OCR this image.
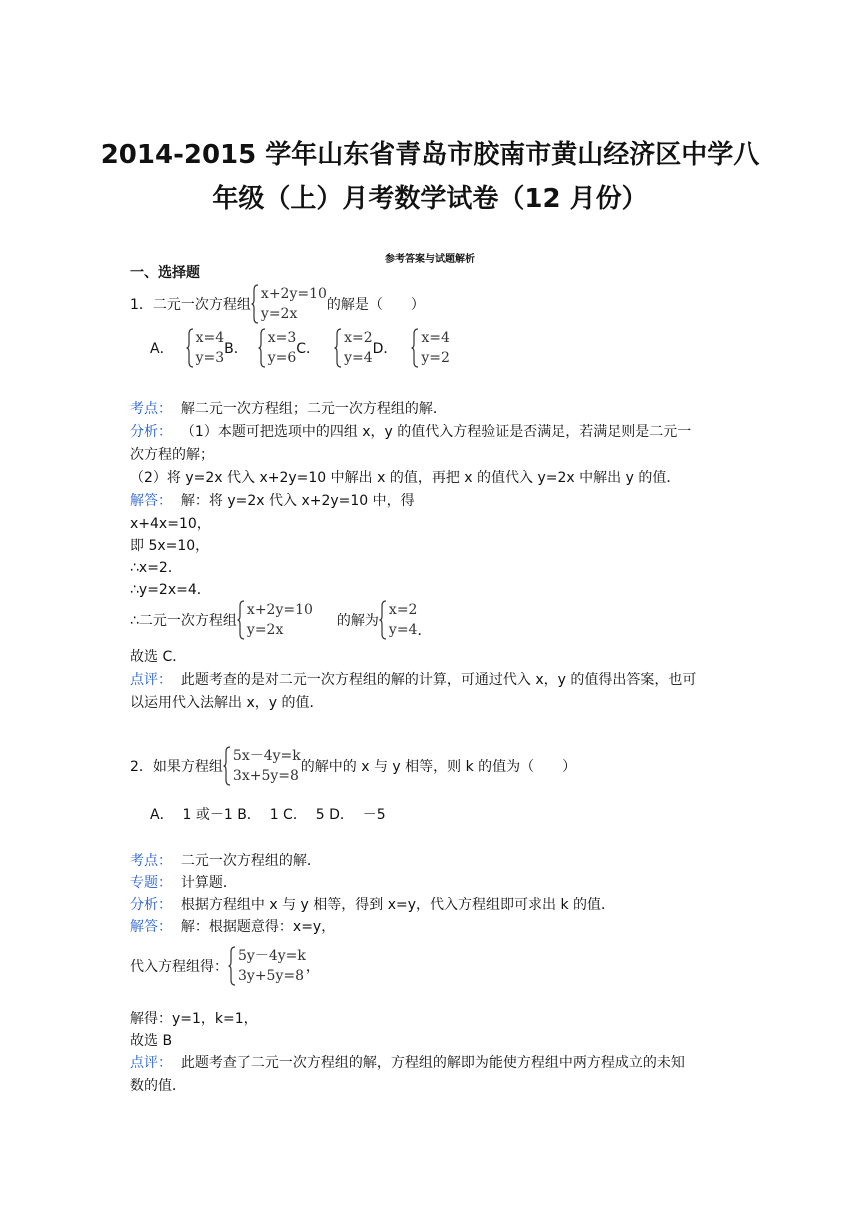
2014-2015 学年山东省青岛市胶南市黄山经济区中学八
年级（上）月考数学试卷（12 月份）
参考答案与试题解析
一、选择题
1．二元一次方程组
x+2y=10
y=2x
的解是（　　）
A．
x=4
y=3
B．
x=3
y=6
C．
x=2
y=4
D．
x=4
y=2
考点： 解二元一次方程组；二元一次方程组的解．
分析： （1）本题可把选项中的四组 x，y 的值代入方程验证是否满足，若满足则是二元一
次方程的解；
（2）将 y=2x 代入 x+2y=10 中解出 x 的值，再把 x 的值代入 y=2x 中解出 y 的值．
解答： 解：将 y=2x 代入 x+2y=10 中，得
x+4x=10，
即 5x=10，
∴x=2．
∴y=2x=4．
∴二元一次方程组
x+2y=10
y=2x
的解为
x=2
y=4 ．
故选 C．
点评： 此题考查的是对二元一次方程组的解的计算，可通过代入 x，y 的值得出答案，也可
以运用代入法解出 x，y 的值．
2．如果方程组
5x－4y=k
3x+5y=8
的解中的 x 与 y 相等，则 k 的值为（　　）
A．  1 或－1 B．  1 C．  5 D．  －5
考点： 二元一次方程组的解．
专题： 计算题．
分析： 根据方程组中 x 与 y 相等，得到 x=y，代入方程组即可求出 k 的值．
解答： 解：根据题意得：x=y，
代入方程组得：
5y－4y=k
3y+5y=8
，
解得：y=1，k=1，
故选 B
点评： 此题考查了二元一次方程组的解，方程组的解即为能使方程组中两方程成立的未知
数的值．
